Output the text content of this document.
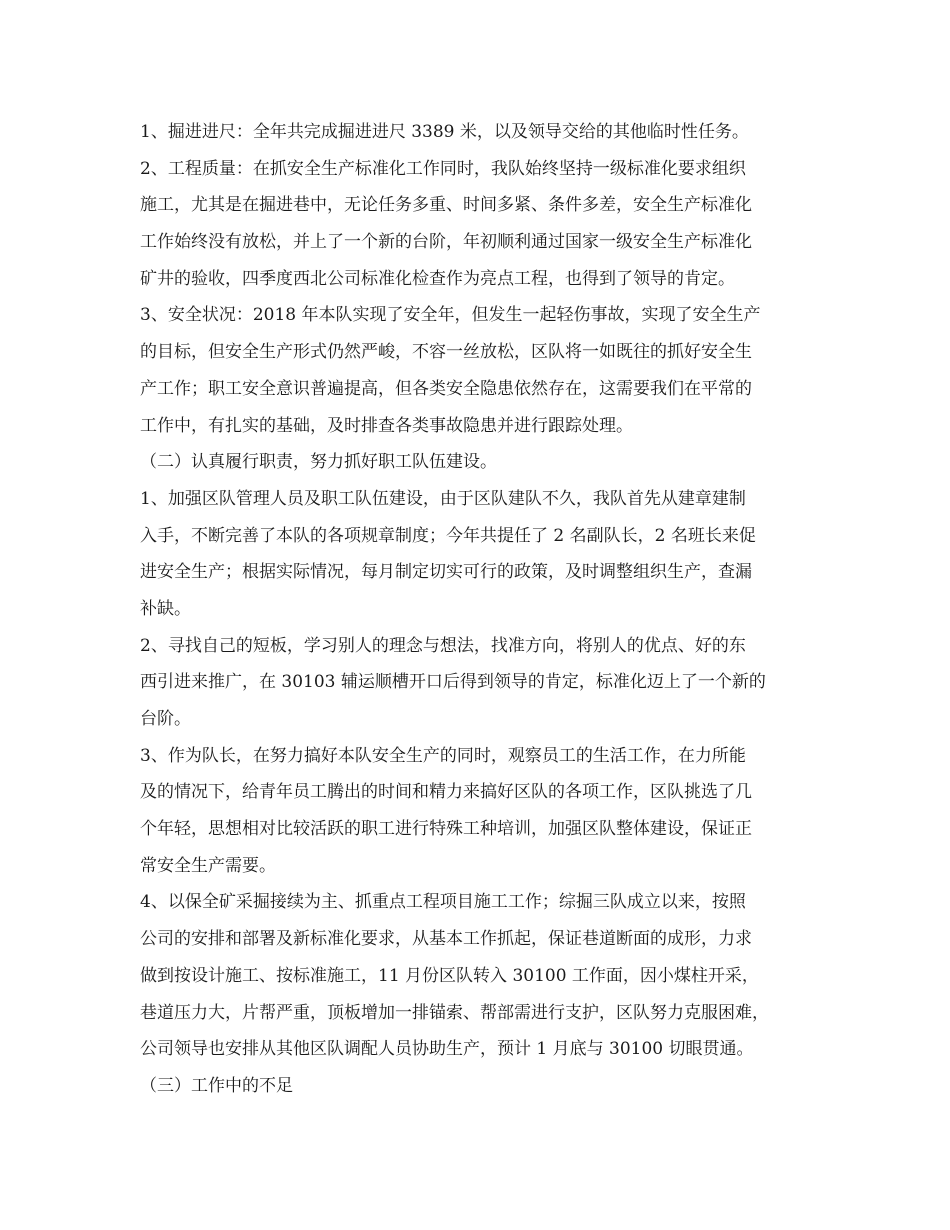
1、掘进进尺：全年共完成掘进进尺 3389 米，以及领导交给的其他临时性任务。
2、工程质量：在抓安全生产标准化工作同时，我队始终坚持一级标准化要求组织
施工，尤其是在掘进巷中，无论任务多重、时间多紧、条件多差，安全生产标准化
工作始终没有放松，并上了一个新的台阶，年初顺利通过国家一级安全生产标准化
矿井的验收，四季度西北公司标准化检查作为亮点工程，也得到了领导的肯定。
3、安全状况：2018 年本队实现了安全年，但发生一起轻伤事故，实现了安全生产
的目标，但安全生产形式仍然严峻，不容一丝放松，区队将一如既往的抓好安全生
产工作；职工安全意识普遍提高，但各类安全隐患依然存在，这需要我们在平常的
工作中，有扎实的基础，及时排查各类事故隐患并进行跟踪处理。
（二）认真履行职责，努力抓好职工队伍建设。
1、加强区队管理人员及职工队伍建设，由于区队建队不久，我队首先从建章建制
入手，不断完善了本队的各项规章制度；今年共提任了 2 名副队长，2 名班长来促
进安全生产；根据实际情况，每月制定切实可行的政策，及时调整组织生产，查漏
补缺。
2、寻找自己的短板，学习别人的理念与想法，找准方向，将别人的优点、好的东
西引进来推广，在 30103 辅运顺槽开口后得到领导的肯定，标准化迈上了一个新的
台阶。
3、作为队长，在努力搞好本队安全生产的同时，观察员工的生活工作，在力所能
及的情况下，给青年员工腾出的时间和精力来搞好区队的各项工作，区队挑选了几
个年轻，思想相对比较活跃的职工进行特殊工种培训，加强区队整体建设，保证正
常安全生产需要。
4、以保全矿采掘接续为主、抓重点工程项目施工工作；综掘三队成立以来，按照
公司的安排和部署及新标准化要求，从基本工作抓起，保证巷道断面的成形，力求
做到按设计施工、按标准施工，11 月份区队转入 30100 工作面，因小煤柱开采，
巷道压力大，片帮严重，顶板增加一排锚索、帮部需进行支护，区队努力克服困难，
公司领导也安排从其他区队调配人员协助生产，预计 1 月底与 30100 切眼贯通。
（三）工作中的不足
